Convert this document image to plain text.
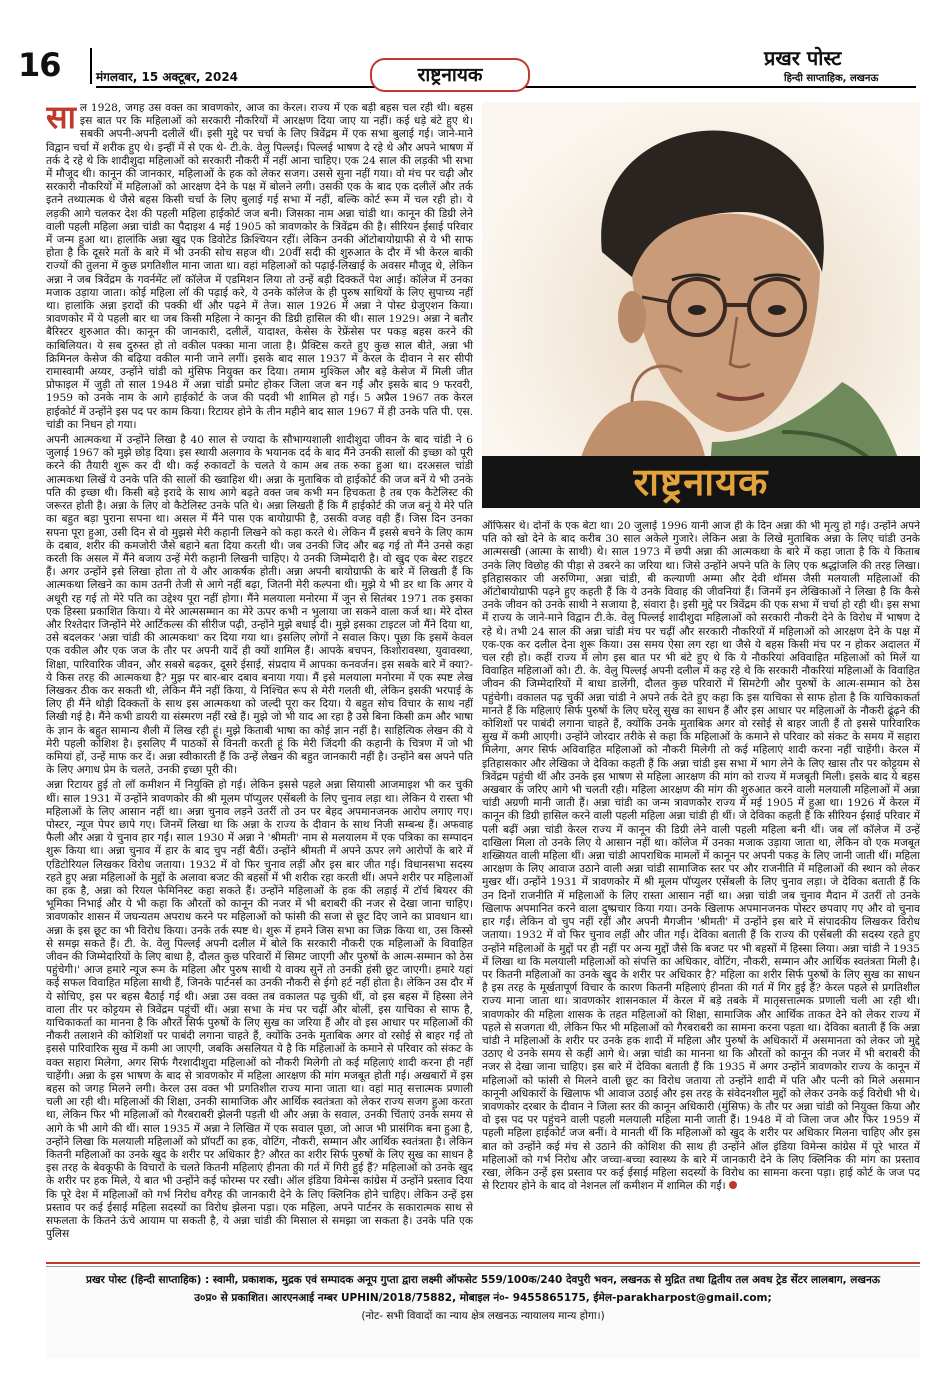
16	मंगलवार, 15 अक्टूबर, 2024	राष्ट्रनायक
प्रखर पोस्ट
हिन्दी साप्ताहिक, लखनऊ
सा ल 1928, जगह उस वक्त का त्रावणकोर, आज का केरल। राज्य में एक बड़ी बहस चल रही थी। बहस इस बात पर कि महिलाओं को सरकारी नौकरियों में आरक्षण दिया जाए या नहीं। कई धड़े बंटे हुए थे। सबकी अपनी-अपनी दलीलें थीं। इसी मुद्दे पर चर्चा के लिए त्रिवेंद्रम में एक सभा बुलाई गई। जाने-माने विद्वान चर्चा में शरीक हुए थे। इन्हीं में से एक थे- टी.के. वेलु पिल्लई। पिल्लई भाषण दे रहे थे और अपने भाषण में तर्क दे रहे थे कि शादीशुदा महिलाओं को सरकारी नौकरी में नहीं आना चाहिए। एक 24 साल की लड़की भी सभा में मौजूद थी। कानून की जानकार, महिलाओं के हक को लेकर सजग। उससे सुना नहीं गया। वो मंच पर चढ़ी और सरकारी नौकरियों में महिलाओं को आरक्षण देने के पक्ष में बोलने लगी। उसकी एक के बाद एक दलीलें और तर्क इतने तथ्यात्मक थे जैसे बहस किसी चर्चा के लिए बुलाई गई सभा में नहीं, बल्कि कोर्ट रूम में चल रही हो। ये लड़की आगे चलकर देश की पहली महिला हाईकोर्ट जज बनी। जिसका नाम अन्ना चांडी था। कानून की डिग्री लेने वाली पहली महिला अन्ना चांडी का पैदाइश 4 मई 1905 को त्रावणकोर के त्रिवेंद्रम की है। सीरियन ईसाई परिवार में जन्म हुआ था। हालांकि अन्ना खुद एक डिवोटेड क्रिश्चियन रहीं। लेकिन उनकी ऑटोबायोग्राफी से ये भी साफ होता है कि दूसरे मतों के बारे में भी उनकी सोच सहज थी। 20वीं सदी की शुरुआत के दौर में भी केरल बाकी राज्यों की तुलना में कुछ प्रगतिशील माना जाता था। वहां महिलाओं को पढ़ाई-लिखाई के अवसर मौजूद थे, लेकिन अन्ना ने जब त्रिवेंद्रम के गवर्नमेंट लॉ कॉलेज में एडमिशन लिया तो उन्हें बड़ी दिक्कतें पेश आई। कॉलेज में उनका मजाक उड़ाया जाता। कोई महिला लॉ की पढ़ाई करे, ये उनके कॉलेज के ही पुरुष साथियों के लिए सुपाच्य नहीं था। हालांकि अन्ना इरादों की पक्की थीं और पढ़ने में तेज। साल 1926 में अन्ना ने पोस्ट ग्रेजुएशन किया। त्रावणकोर में ये पहली बार था जब किसी महिला ने कानून की डिग्री हासिल की थी। साल 1929। अन्ना ने बतौर बैरिस्टर शुरुआत की। कानून की जानकारी, दलीलें, यादाश्त, केसेस के रेफ्रेंसेस पर पकड़ बहस करने की काबिलियत। ये सब दुरुस्त हो तो वकील पक्का माना जाता है। प्रैक्टिस करते हुए कुछ साल बीते, अन्ना भी क्रिमिनल केसेज की बढ़िया वकील मानी जाने लगीं। इसके बाद साल 1937 में केरल के दीवान ने सर सीपी रामास्वामी अय्यर, उन्होंने चांडी को मुंसिफ नियुक्त कर दिया। तमाम मुश्किल और बड़े केसेज में मिली जीत प्रोफाइल में जुड़ी तो साल 1948 में अन्ना चांडी प्रमोट होकर जिला जज बन गईं और इसके बाद 9 फरवरी, 1959 को उनके नाम के आगे हाईकोर्ट के जज की पदवी भी शामिल हो गई। 5 अप्रैल 1967 तक केरल हाईकोर्ट में उन्होंने इस पद पर काम किया। रिटायर होने के तीन महीने बाद साल 1967 में ही उनके पति पी. एस. चांडी का निधन हो गया।

अपनी आत्मकथा में उन्होंने लिखा है 40 साल से ज्यादा के सौभाग्यशाली शादीशुदा जीवन के बाद चांडी ने 6 जुलाई 1967 को मुझे छोड़ दिया। इस स्थायी अलगाव के भयानक दर्द के बाद मैंने उनकी सालों की इच्छा को पूरी करने की तैयारी शुरू कर दी थी। कई रुकावटों के चलते ये काम अब तक रुका हुआ था। दरअसल चांडी आत्मकथा लिखें ये उनके पति की सालों की ख्वाहिश थी। अन्ना के मुताबिक वो हाईकोर्ट की जज बनें ये भी उनके पति की इच्छा थी। किसी बड़े इरादे के साथ आगे बढ़ते वक्त जब कभी मन हिचकता है तब एक कैटेलिस्ट की जरूरत होती है। अन्ना के लिए वो कैटेलिस्ट उनके पति थे। अन्ना लिखती हैं कि मैं हाईकोर्ट की जज बनूं ये मेरे पति का बहुत बड़ा पुराना सपना था। असल में मैंने पास एक बायोग्राफी है, उसकी वजह वही हैं। जिस दिन उनका सपना पूरा हुआ, उसी दिन से वो मुझसे मेरी कहानी लिखने को कहा करते थे। लेकिन मैं इससे बचने के लिए काम के दबाव, शरीर की कमजोरी जैसे बहाने बता दिया करती थी। जब उनकी जिद और बढ़ गई तो मैंने उनसे कहा करती कि असल में मैंने बजाय उन्हें मेरी कहानी लिखनी चाहिए। ये उनकी जिम्मेदारी है। वो खुद एक बेस्ट राइटर हैं। अगर उन्होंने इसे लिखा होता तो ये और आकर्षक होती। अन्ना अपनी बायोग्राफी के बारे में लिखती हैं कि आत्मकथा लिखने का काम उतनी तेजी से आगे नहीं बढ़ा, जितनी मेरी कल्पना थी। मुझे ये भी डर था कि अगर ये अधूरी रह गई तो मेरे पति का उद्देश्य पूरा नहीं होगा। मैंने मलयाला मनोरमा में जून से सितंबर 1971 तक इसका एक हिस्सा प्रकाशित किया। ये मेरे आत्मसम्मान का मेरे ऊपर कभी न भुलाया जा सकने वाला कर्ज था। मेरे दोस्त और रिश्तेदार जिन्होंने मेरे आर्टिकल्स की सीरीज पढ़ी, उन्होंने मुझे बधाई दी। मुझे इसका टाइटल जो मैंने दिया था, उसे बदलकर 'अन्ना चांडी की आत्मकथा' कर दिया गया था। इसलिए लोगों ने सवाल किए। पूछा कि इसमें केवल एक वकील और एक जज के तौर पर अपनी यादें ही क्यों शामिल हैं। आपके बचपन, किशोरावस्था, युवावस्था, शिक्षा, पारिवारिक जीवन, और सबसे बढ़कर, दूसरे ईसाई, संप्रदाय में आपका कनवर्जन। इस सबके बारे में क्या?- ये किस तरह की आत्मकथा है? मुझ पर बार-बार दबाव बनाया गया। मैं इसे मलयाला मनोरमा में एक स्पष्ट लेख लिखकर ठीक कर सकती थी, लेकिन मैंने नहीं किया, ये निश्चित रूप से मेरी गलती थी, लेकिन इसकी भरपाई के लिए ही मैंने थोड़ी दिक्कतों के साथ इस आत्मकथा को जल्दी पूरा कर दिया। ये बहुत सोच विचार के साथ नहीं लिखी गई है। मैंने कभी डायरी या संस्मरण नहीं रखे हैं। मुझे जो भी याद आ रहा है उसे बिना किसी क्रम और भाषा के ज्ञान के बहुत सामान्य शैली में लिख रही हूं। मुझे किताबी भाषा का कोई ज्ञान नहीं है। साहित्यिक लेखन की ये मेरी पहली कोशिश है। इसलिए मैं पाठकों से विनती करती हूं कि मेरी जिंदगी की कहानी के चित्रण में जो भी कमियां हों, उन्हें माफ कर दें। अन्ना स्वीकारती हैं कि उन्हें लेखन की बहुत जानकारी नहीं है। उन्होंने बस अपने पति के लिए अगाध प्रेम के चलते, उनकी इच्छा पूरी की।

अन्ना रिटायर हुई तो लॉ कमीशन में नियुक्ति हो गई। लेकिन इससे पहले अन्ना सियासी आजमाइश भी कर चुकी थीं। साल 1931 में उन्होंने त्रावणकोर की श्री मूलम पॉप्युलर एसेंबली के लिए चुनाव लड़ा था। लेकिन ये रास्ता भी महिलाओं के लिए आसान नहीं था। अन्ना चुनाव लड़ने उतरीं तो उन पर बेहद अपमानजनक आरोप लगाए गए। पोस्टर, न्यूज पेपर छापे गए। जिनमें लिखा था कि अन्ना के राज्य के दीवान के साथ निजी सम्बन्ध हैं। अफवाह फैली और अन्ना ये चुनाव हार गईं। साल 1930 में अन्ना ने 'श्रीमती' नाम से मलयालम में एक पत्रिका का सम्पादन शुरू किया था। अन्ना चुनाव में हार के बाद चुप नहीं बैठीं। उन्होंने श्रीमती में अपने ऊपर लगे आरोपों के बारे में एडिटोरियल लिखकर विरोध जताया। 1932 में वो फिर चुनाव लड़ीं और इस बार जीत गई। विधानसभा सदस्य रहते हुए अन्ना महिलाओं के मुद्दों के अलावा बजट की बहसों में भी शरीक रहा करती थीं। अपने शरीर पर महिलाओं का हक है, अन्ना को रियल फेमिनिस्ट कहा सकते हैं। उन्होंने महिलाओं के हक की लड़ाई में टॉर्च बियरर की भूमिका निभाई और ये भी कहा कि औरतों को कानून की नजर में भी बराबरी की नजर से देखा जाना चाहिए। त्रावणकोर शासन में जघन्यतम अपराध करने पर महिलाओं को फांसी की सजा से छूट दिए जाने का प्रावधान था। अन्ना के इस छूट का भी विरोध किया। उनके तर्क स्पष्ट थे। शुरू में हमने जिस सभा का जिक्र किया था, उस किस्से से समझ सकते हैं। टी. के. वेलु पिल्लई अपनी दलील में बोले कि सरकारी नौकरी एक महिलाओं के विवाहित जीवन की जिम्मेदारियों के लिए बाधा है, दौलत कुछ परिवारों में सिमट जाएगी और पुरुषों के आत्म-सम्मान को ठेस पहुंचेगी।' आज हमारे न्यूज रूम के महिला और पुरुष साथी ये वाक्य सुनें तो उनकी हंसी छूट जाएगी। हमारे यहां कई सफल विवाहित महिला साथी हैं, जिनके पार्टनर्स का उनकी नौकरी से ईगो हर्ट नहीं होता है। लेकिन उस दौर में ये सोचिए, इस पर बहस बैठाई गई थी। अन्ना उस वक्त तब वकालत पढ़ चुकी थीं, वो इस बहस में हिस्सा लेने वाला तीर पर कोट्टयम से त्रिवेंद्रम पहुंचीं थीं। अन्ना सभा के मंच पर चढ़ीं और बोलीं, इस याचिका से साफ है, याचिकाकर्ता का मानना है कि औरतें सिर्फ पुरुषों के लिए सुख का जरिया हैं और वो इस आधार पर महिलाओं की नौकरी तलाशने की कोशिशों पर पाबंदी लगाना चाहते हैं, क्योंकि उनके मुताबिक अगर वो रसोई से बाहर गईं तो इससे पारिवारिक सुख में कमी आ जाएगी, जबकि असलियत ये है कि महिलाओं के कमाने से परिवार को संकट के वक्त सहारा मिलेगा, अगर सिर्फ गैरशादीशुदा महिलाओं को नौकरी मिलेगी तो कई महिलाएं शादी करना ही नहीं चाहेंगी। अन्ना के इस भाषण के बाद से त्रावणकोर में महिला आरक्षण की मांग मजबूत होती गई। अखबारों में इस बहस को जगह मिलने लगी। केरल उस वक्त भी प्रगतिशील राज्य माना जाता था। वहां मातृ सत्तात्मक प्रणाली चली आ रही थी। महिलाओं की शिक्षा, उनकी सामाजिक और आर्थिक स्वतंत्रता को लेकर राज्य सजग हुआ करता था, लेकिन फिर भी महिलाओं को गैरबराबरी झेलनी पड़ती थी और अन्ना के सवाल, उनकी चिंताएं उनके समय से आगे के भी आगे की थीं। साल 1935 में अन्ना ने लिखित में एक सवाल पूछा, जो आज भी प्रासंगिक बना हुआ है, उन्होंने लिखा कि मलयाली महिलाओं को प्रॉपर्टी का हक, वोटिंग, नौकरी, सम्मान और आर्थिक स्वतंत्रता है। लेकिन कितनी महिलाओं का उनके खुद के शरीर पर अधिकार है? औरत का शरीर सिर्फ पुरुषों के लिए सुख का साधन है इस तरह के बेवकूफी के विचारों के चलते कितनी महिलाएं हीनता की गर्त में गिरी हुई हैं? महिलाओं को उनके खुद के शरीर पर हक मिले, ये बात भी उन्होंने कई फोरम्स पर रखी। ऑल इंडिया विमेन्स कांग्रेस में उन्होंने प्रस्ताव दिया कि पूरे देश में महिलाओं को गर्भ निरोध वगैरह की जानकारी देने के लिए क्लिनिक होने चाहिए। लेकिन उन्हें इस प्रस्ताव पर कई ईसाई महिला सदस्यों का विरोध झेलना पड़ा। एक महिला, अपने पार्टनर के सकारात्मक साथ से सफलता के कितने ऊंचे आयाम पा सकती है, ये अन्ना चांडी की मिसाल से समझा जा सकता है। उनके पति एक पुलिस

राष्ट्रनायक

ऑफिसर थे। दोनों के एक बेटा था। 20 जुलाई 1996 यानी आज ही के दिन अन्ना की भी मृत्यु हो गई। उन्होंने अपने पति को खो देने के बाद करीब 30 साल अकेले गुजारे। लेकिन अन्ना के लिखे मुताबिक अन्ना के लिए चांडी उनके आत्मसखी (आत्मा के साथी) थे। साल 1973 में छपी अन्ना की आत्मकथा के बारे में कहा जाता है कि ये किताब उनके लिए विछोह की पीड़ा से उबरने का जरिया था। जिसे उन्होंने अपने पति के लिए एक श्रद्धांजलि की तरह लिखा। इतिहासकार जी अरुणिमा, अन्ना चांडी, बी कल्याणी अम्मा और देवी थॉमस जैसी मलयाली महिलाओं की ऑटोबायोग्राफी पढ़ने हुए कहती हैं कि ये उनके विवाह की जीवनियां हैं। जिनमें इन लेखिकाओं ने लिखा है कि कैसे उनके जीवन को उनके साथी ने सजाया है, संवारा है। इसी मुद्दे पर त्रिवेंद्रम की एक सभा में चर्चा हो रही थी। इस सभा में राज्य के जाने-माने विद्वान टी.के. वेलु पिल्लई शादीशुदा महिलाओं को सरकारी नौकरी देने के विरोध में भाषण दे रहे थे। तभी 24 साल की अन्ना चांडी मंच पर चढ़ीं और सरकारी नौकरियों में महिलाओं को आरक्षण देने के पक्ष में एक-एक कर दलील देना शुरू किया। उस समय ऐसा लग रहा था जैसे ये बहस किसी मंच पर न होकर अदालत में चल रही हो। कहीं राज्य में लोग इस बात पर भी बंटे हुए थे कि ये नौकरियां अविवाहित महिलाओं को मिलें या विवाहित महिलाओं को। टी. के. वेलु पिल्लई अपनी दलील में कह रहे थे कि सरकारी नौकरियां महिलाओं के विवाहित जीवन की जिम्मेदारियों में बाधा डालेंगी, दौलत कुछ परिवारों में सिमटेगी और पुरुषों के आत्म-सम्मान को ठेस पहुंचेगी। वकालत पढ़ चुकीं अन्ना चांडी ने अपने तर्क देते हुए कहा कि इस याचिका से साफ होता है कि याचिकाकर्ता मानते हैं कि महिलाएं सिर्फ पुरुषों के लिए घरेलू सुख का साधन हैं और इस आधार पर महिलाओं के नौकरी ढूंढ़ने की कोशिशों पर पाबंदी लगाना चाहते हैं, क्योंकि उनके मुताबिक अगर वो रसोई से बाहर जाती हैं तो इससे पारिवारिक सुख में कमी आएगी। उन्होंने जोरदार तरीके से कहा कि महिलाओं के कमाने से परिवार को संकट के समय में सहारा मिलेगा, अगर सिर्फ अविवाहित महिलाओं को नौकरी मिलेगी तो कई महिलाएं शादी करना नहीं चाहेंगी। केरल में इतिहासकार और लेखिका जे देविका कहती हैं कि अन्ना चांडी इस सभा में भाग लेने के लिए खास तौर पर कोट्टयम से त्रिवेंद्रम पहुंची थीं और उनके इस भाषण से महिला आरक्षण की मांग को राज्य में मजबूती मिली। इसके बाद ये बहस अखबार के जरिए आगे भी चलती रही। महिला आरक्षण की मांग की शुरुआत करने वाली मलयाली महिलाओं में अन्ना चांडी अग्रणी मानी जाती हैं। अन्ना चांडी का जन्म त्रावणकोर राज्य में मई 1905 में हुआ था। 1926 में केरल में कानून की डिग्री हासिल करने वाली पहली महिला अन्ना चांडी ही थीं। जे देविका कहती हैं कि सीरियन ईसाई परिवार में पली बढ़ीं अन्ना चांडी केरल राज्य में कानून की डिग्री लेने वाली पहली महिला बनी थीं। जब लॉ कॉलेज में उन्हें दाखिला मिला तो उनके लिए ये आसान नहीं था। कॉलेज में उनका मजाक उड़ाया जाता था, लेकिन वो एक मजबूत शख्सियत वाली महिला थीं। अन्ना चांडी आपराधिक मामलों में कानून पर अपनी पकड़ के लिए जानी जाती थीं। महिला आरक्षण के लिए आवाज उठाने वाली अन्ना चांडी सामाजिक स्तर पर और राजनीति में महिलाओं की स्थान को लेकर मुखर थीं। उन्होंने 1931 में त्रावणकोर में श्री मूलम पॉप्युलर एसेंबली के लिए चुनाव लड़ा। जे देविका बताती हैं कि उन दिनों राजनीति में महिलाओं के लिए रास्ता आसान नहीं था। अन्ना चांडी जब चुनाव मैदान में उतरीं तो उनके खिलाफ अपमानित करने वाला दुष्प्रचार किया गया। उनके खिलाफ अपमानजनक पोस्टर छपवाए गए और वो चुनाव हार गईं। लेकिन वो चुप नहीं रहीं और अपनी मैगजीन 'श्रीमती' में उन्होंने इस बारे में संपादकीय लिखकर विरोध जताया। 1932 में वो फिर चुनाव लड़ीं और जीत गईं। देविका बताती हैं कि राज्य की एसेंबली की सदस्य रहते हुए उन्होंने महिलाओं के मुद्दों पर ही नहीं पर अन्य मुद्दों जैसे कि बजट पर भी बहसों में हिस्सा लिया। अन्ना चांडी ने 1935 में लिखा था कि मलयाली महिलाओं को संपत्ति का अधिकार, वोटिंग, नौकरी, सम्मान और आर्थिक स्वतंत्रता मिली है। पर कितनी महिलाओं का उनके खुद के शरीर पर अधिकार है? महिला का शरीर सिर्फ पुरुषों के लिए सुख का साधन है इस तरह के मूर्खतापूर्ण विचार के कारण कितनी महिलाएं हीनता की गर्त में गिर हुई हैं? केरल पहले से प्रगतिशील राज्य माना जाता था। त्रावणकोर शासनकाल में केरल में बड़े तबके में मातृसत्तात्मक प्रणाली चली आ रही थी। त्रावणकोर की महिला शासक के तहत महिलाओं को शिक्षा, सामाजिक और आर्थिक ताकत देने को लेकर राज्य में पहले से सजगता थी, लेकिन फिर भी महिलाओं को गैरबराबरी का सामना करना पड़ता था। देविका बताती हैं कि अन्ना चांडी ने महिलाओं के शरीर पर उनके हक शादी में महिला और पुरुषों के अधिकारों में असमानता को लेकर जो मुद्दे उठाए थे उनके समय से कहीं आगे थे। अन्ना चांडी का मानना था कि औरतों को कानून की नजर में भी बराबरी की नजर से देखा जाना चाहिए। इस बारे में देविका बताती हैं कि 1935 में अगर उन्होंने त्रावणकोर राज्य के कानून में महिलाओं को फांसी से मिलने वाली छूट का विरोध जताया तो उन्होंने शादी में पति और पत्नी को मिले असमान कानूनी अधिकारों के खिलाफ भी आवाज उठाई और इस तरह के संवेदनशील मुद्दों को लेकर उनके कई विरोधी भी थे। त्रावणकोर दरबार के दीवान ने जिला स्तर की कानून अधिकारी (मुंसिफ) के तौर पर अन्ना चांडी को नियुक्त किया और वो इस पद पर पहुंचने वाली पहली मलयाली महिला मानी जाती हैं। 1948 में वो जिला जज और फिर 1959 में पहली महिला हाईकोर्ट जज बनीं। वे मानती थीं कि महिलाओं को खुद के शरीर पर अधिकार मिलना चाहिए और इस बात को उन्होंने कई मंच से उठाने की कोशिश की साथ ही उन्होंने ऑल इंडिया विमेन्स कांग्रेस में पूरे भारत में महिलाओं को गर्भ निरोध और जच्चा-बच्चा स्वास्थ्य के बारे में जानकारी देने के लिए क्लिनिक की मांग का प्रस्ताव रखा, लेकिन उन्हें इस प्रस्ताव पर कई ईसाई महिला सदस्यों के विरोध का सामना करना पड़ा। हाई कोर्ट के जज पद से रिटायर होने के बाद वो नेशनल लॉ कमीशन में शामिल की गईं।

प्रखर पोस्ट (हिन्दी साप्ताहिक) : स्वामी, प्रकाशक, मुद्रक एवं सम्पादक अनूप गुप्ता द्वारा लक्ष्मी ऑफसेट 559/100क/240 देवपुरी भवन, लखनऊ से मुद्रित तथा द्वितीय तल अवध ट्रेड सेंटर लालबाग, लखनऊ
उ०प्र० से प्रकाशित। आरएनआई नम्बर UPHIN/2018/75882, मोबाइल नं०- 9455865175, ईमेल-parakharpost@gmail.com;
(नोट- सभी विवादों का न्याय क्षेत्र लखनऊ न्यायालय मान्य होगा।)
